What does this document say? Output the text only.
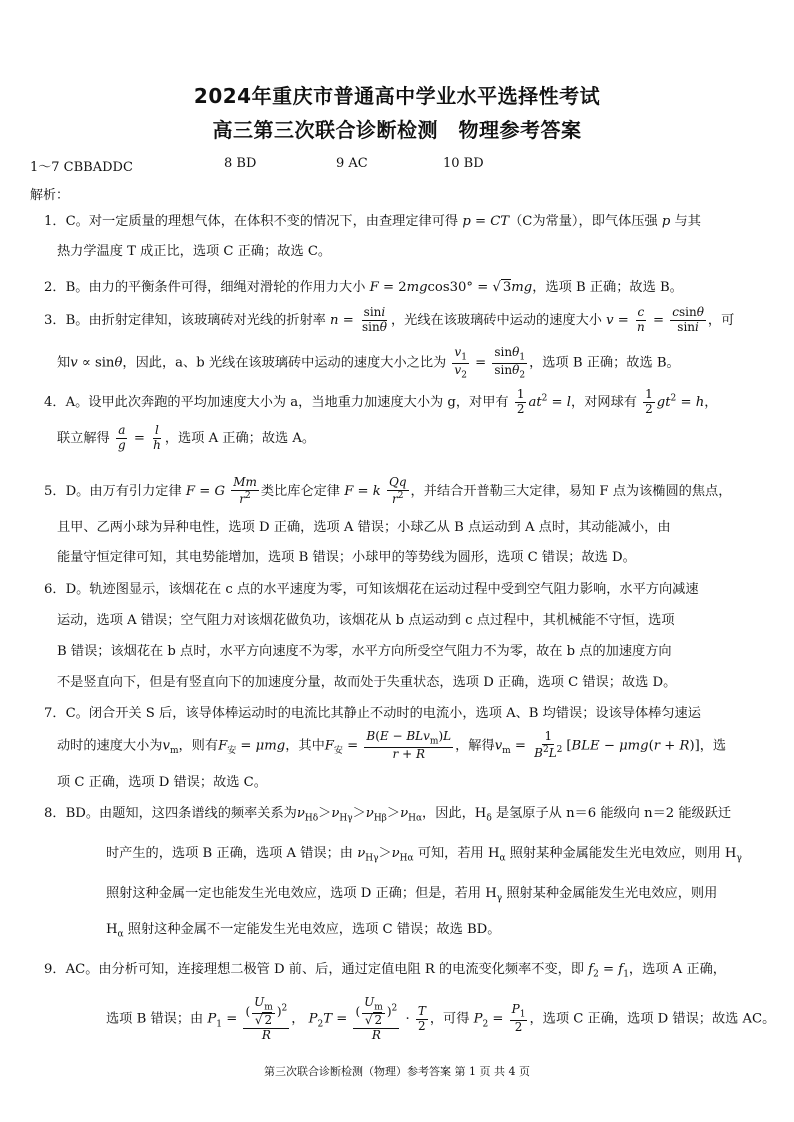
2024年重庆市普通高中学业水平选择性考试
高三第三次联合诊断检测　物理参考答案
1～7 CBBADDC	8 BD	9 AC	10 BD
解析：
1．C。对一定质量的理想气体，在体积不变的情况下，由查理定律可得 p = CT（C为常量），即气体压强 p 与其
热力学温度 T 成正比，选项 C 正确；故选 C。
2．B。由力的平衡条件可得，细绳对滑轮的作用力大小 F = 2mgcos30° = √ 3mg，选项 B 正确；故选 B。
3．B。由折射定律知，该玻璃砖对光线的折射率 $n = \frac{\sin i}{\sin\theta}$ ，光线在该玻璃砖中运动的速度大小 $v = \frac{c}{n} = \frac{csin\theta}{\sin i}$ ，可
知v ∝ sinθ，因此，a、b 光线在该玻璃砖中运动的速度大小之比为 $\frac{v_1}{v_2} = \frac{\sin\theta_1}{\sin\theta_2}$ ，选项 B 正确；故选 B。
4．A。设甲此次奔跑的平均加速度大小为 a，当地重力加速度大小为 g，对甲有 $\frac{1}{2} at^2 = l$，对网球有 $\frac{1}{2} gt^2 = h$，
联立解得 $\frac{a}{g} = \frac{l}{h}$ ，选项 A 正确；故选 A。
5．D。由万有引力定律 F = G $\frac{Mm}{r^2}$ 类比库仑定律 F = k $\frac{Qq}{r^2}$ ，并结合开普勒三大定律，易知 F 点为该椭圆的焦点，
且甲、乙两小球为异种电性，选项 D 正确，选项 A 错误；小球乙从 B 点运动到 A 点时，其动能减小，由
能量守恒定律可知，其电势能增加，选项 B 错误；小球甲的等势线为圆形，选项 C 错误；故选 D。
6．D。轨迹图显示，该烟花在 c 点的水平速度为零，可知该烟花在运动过程中受到空气阻力影响，水平方向减速
运动，选项 A 错误；空气阻力对该烟花做负功，该烟花从 b 点运动到 c 点过程中，其机械能不守恒，选项
B 错误；该烟花在 b 点时，水平方向速度不为零，水平方向所受空气阻力不为零，故在 b 点的加速度方向
不是竖直向下，但是有竖直向下的加速度分量，故而处于失重状态，选项 D 正确，选项 C 错误；故选 D。
7．C。闭合开关 S 后，该导体棒运动时的电流比其静止不动时的电流小，选项 A、B 均错误；设该导体棒匀速运
动时的速度大小为$v_m$，则有$F_安 = \mu mg$，其中$F_安 = \frac{B(E - BLv_m)L}{r + R}$ ，解得$v_m = \frac{1}{B^2L^2} [BLE - \mu mg(r + R)]$，选
项 C 正确，选项 D 错误；故选 C。
8．BD。由题知，这四条谱线的频率关系为$\nu_{H\delta}>\nu_{H\gamma}>\nu_{H\beta}>\nu_{H\alpha}$，因此，$H_\delta$ 是氢原子从 n＝6 能级向 n＝2 能级跃迁
时产生的，选项 B 正确，选项 A 错误；由 $\nu_{H\gamma}>\nu_{H\alpha}$ 可知，若用 $H_\alpha$ 照射某种金属能发生光电效应，则用 $H_\gamma$
照射这种金属一定也能发生光电效应，选项 D 正确；但是，若用 $H_\gamma$ 照射某种金属能发生光电效应，则用
$H_\alpha$ 照射这种金属不一定能发生光电效应，选项 C 错误；故选 BD。
9．AC。由分析可知，连接理想二极管 D 前、后，通过定值电阻 R 的电流变化频率不变，即 $f_2 = f_1$，选项 A 正确，
选项 B 错误；由 $P_1 = \frac{( \frac{U_m}{√ 2} )^2}{R}$ ， $P_2T = \frac{( \frac{U_m}{√ 2} )^2}{R} \cdot \frac{T}{2}$ ，可得 $P_2 = \frac{P_1}{2}$ ，选项 C 正确，选项 D 错误；故选 AC。
第三次联合诊断检测（物理）参考答案 第 1 页 共 4 页
